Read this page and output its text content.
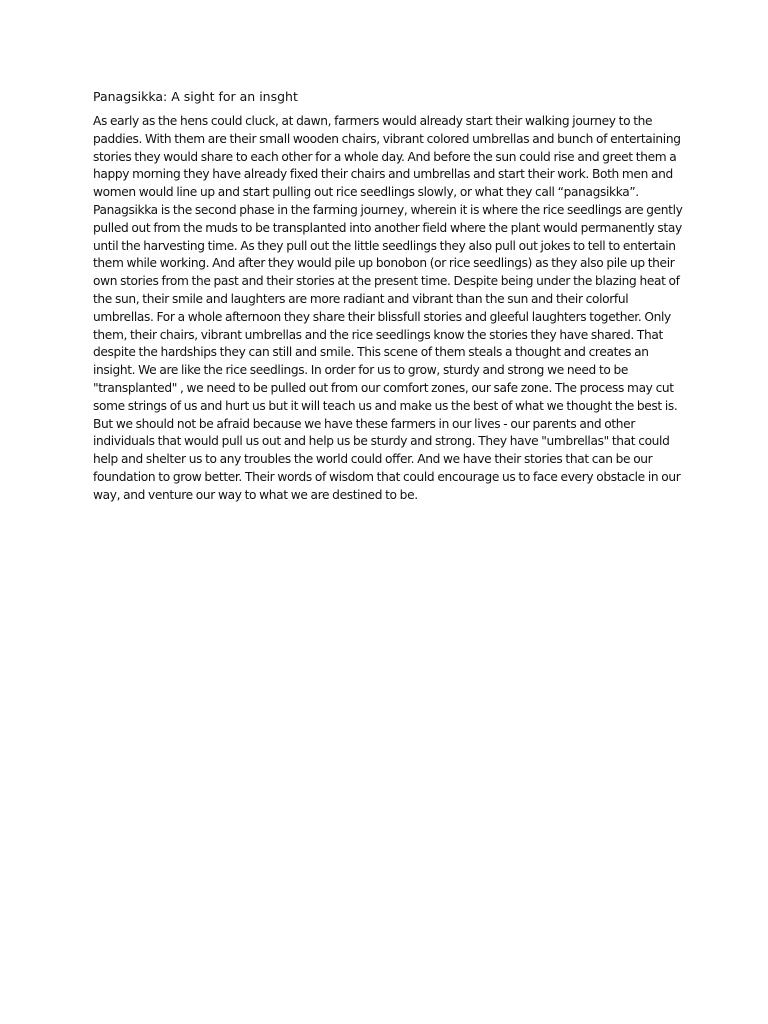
Panagsikka: A sight for an insght

As early as the hens could cluck, at dawn, farmers would already start their walking journey to the paddies. With them are their small wooden chairs, vibrant colored umbrellas and bunch of entertaining stories they would share to each other for a whole day. And before the sun could rise and greet them a happy morning they have already fixed their chairs and umbrellas and start their work. Both men and women would line up and start pulling out rice seedlings slowly, or what they call “panagsikka”. Panagsikka is the second phase in the farming journey, wherein it is where the rice seedlings are gently pulled out from the muds to be transplanted into another field where the plant would permanently stay until the harvesting time. As they pull out the little seedlings they also pull out jokes to tell to entertain them while working. And after they would pile up bonobon (or rice seedlings) as they also pile up their own stories from the past and their stories at the present time. Despite being under the blazing heat of the sun, their smile and laughters are more radiant and vibrant than the sun and their colorful umbrellas. For a whole afternoon they share their blissfull stories and gleeful laughters together. Only them, their chairs, vibrant umbrellas and the rice seedlings know the stories they have shared. That despite the hardships they can still and smile. This scene of them steals a thought and creates an insight. We are like the rice seedlings. In order for us to grow, sturdy and strong we need to be "transplanted" , we need to be pulled out from our comfort zones, our safe zone. The process may cut some strings of us and hurt us but it will teach us and make us the best of what we thought the best is. But we should not be afraid because we have these farmers in our lives - our parents and other individuals that would pull us out and help us be sturdy and strong. They have "umbrellas" that could help and shelter us to any troubles the world could offer. And we have their stories that can be our foundation to grow better. Their words of wisdom that could encourage us to face every obstacle in our way, and venture our way to what we are destined to be.
